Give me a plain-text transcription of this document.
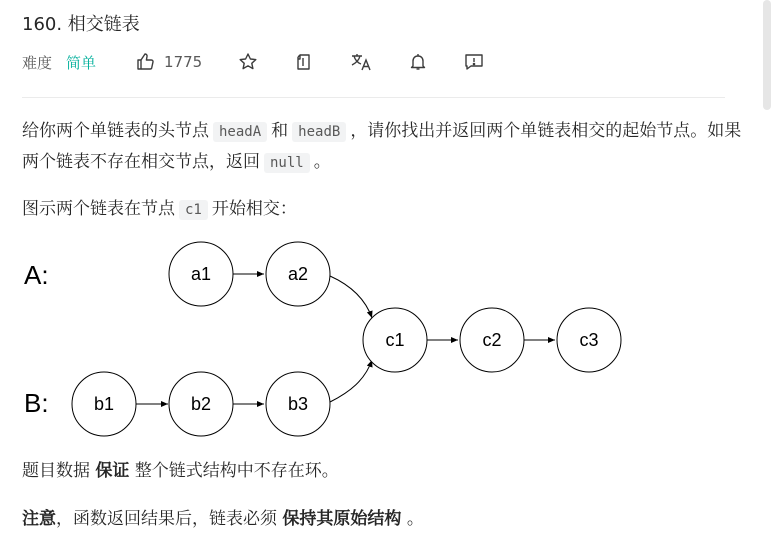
160. 相交链表
难度 简单	1775
给你两个单链表的头节点 headA 和 headB ，请你找出并返回两个单链表相交的起始节点。如果两个链表不存在相交节点，返回 null 。
图示两个链表在节点 c1 开始相交：
A:
B:
a1	a2
b1	b2	b3
c1	c2	c3
题目数据 保证 整个链式结构中不存在环。
注意，函数返回结果后，链表必须 保持其原始结构 。
